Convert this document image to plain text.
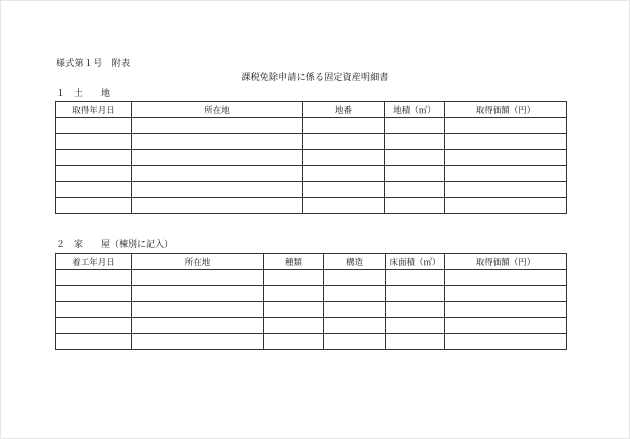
様式第１号　附表
課税免除申請に係る固定資産明細書
１　土　　地
取得年月日	所在地	地番	地積（㎡）	取得価額（円）

２　家　　屋（棟別に記入）
着工年月日	所在地	種類	構造	床面積（㎡）	取得価額（円）
